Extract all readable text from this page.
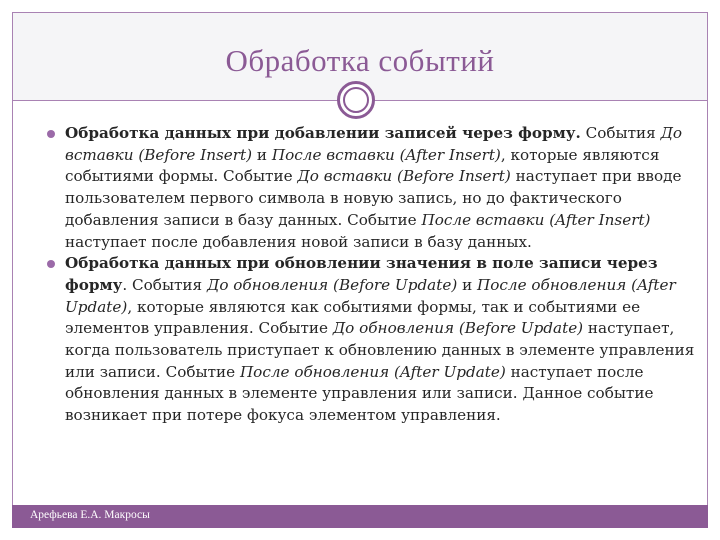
Обработка событий

Обработка данных при добавлении записей через форму. События До вставки (Before Insert) и После вставки (After Insert), которые являются событиями формы. Событие До вставки (Before Insert) наступает при вводе пользователем первого символа в новую запись, но до фактического добавления записи в базу данных. Событие После вставки (After Insert) наступает после добавления новой записи в базу данных.

Обработка данных при обновлении значения в поле записи через форму. События До обновления (Before Update) и После обновления (After Update), которые являются как событиями формы, так и событиями ее элементов управления. Событие До обновления (Before Update) наступает, когда пользователь приступает к обновлению данных в элементе управления или записи. Событие После обновления (After Update) наступает после обновления данных в элементе управления или записи. Данное событие возникает при потере фокуса элементом управления.

Арефьева Е.А. Макросы
